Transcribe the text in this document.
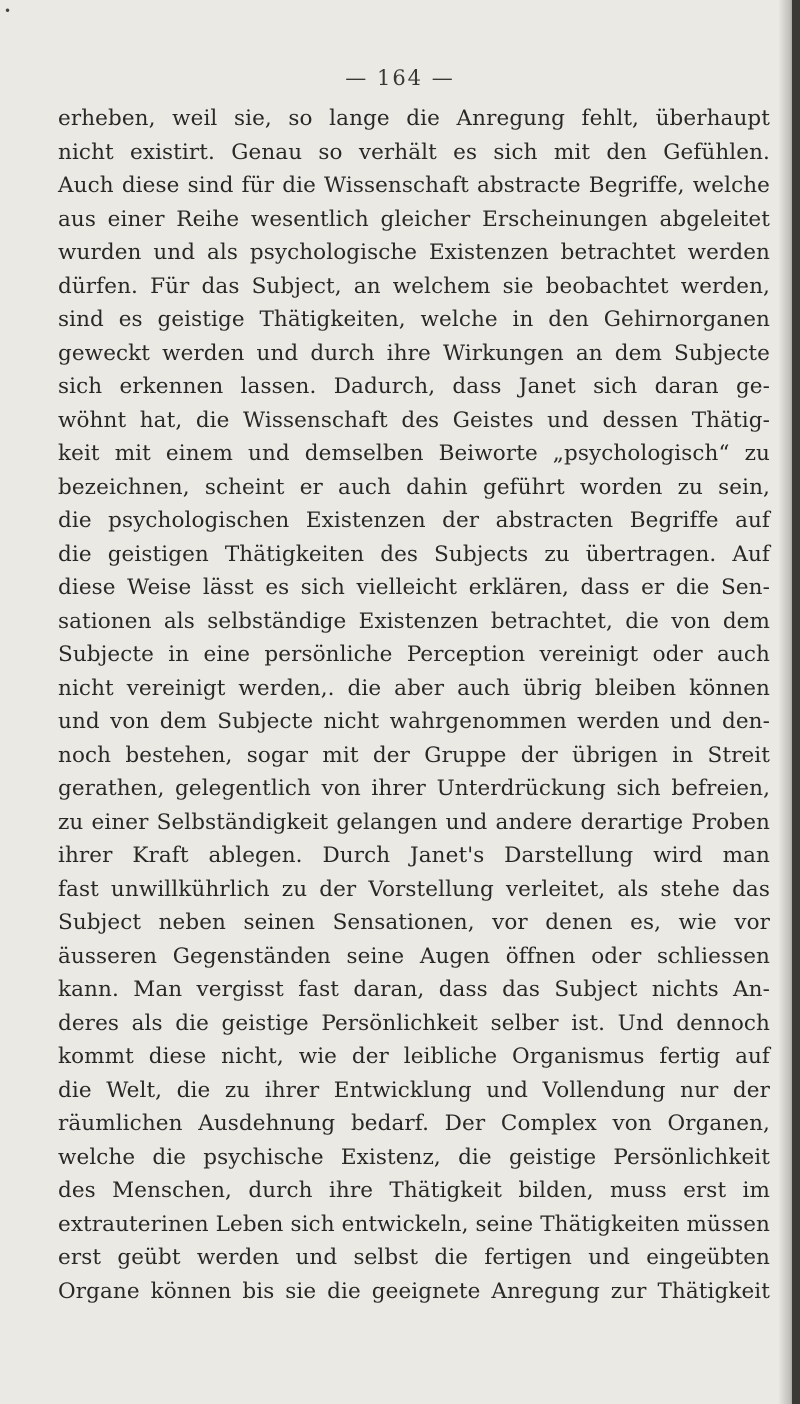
•
— 164 —
erheben, weil sie, so lange die Anregung fehlt, überhaupt
nicht existirt. Genau so verhält es sich mit den Gefühlen.
Auch diese sind für die Wissenschaft abstracte Begriffe, welche
aus einer Reihe wesentlich gleicher Erscheinungen abgeleitet
wurden und als psychologische Existenzen betrachtet werden
dürfen. Für das Subject, an welchem sie beobachtet werden,
sind es geistige Thätigkeiten, welche in den Gehirnorganen
geweckt werden und durch ihre Wirkungen an dem Subjecte
sich erkennen lassen. Dadurch, dass Janet sich daran ge-
wöhnt hat, die Wissenschaft des Geistes und dessen Thätig-
keit mit einem und demselben Beiworte „psychologisch“ zu
bezeichnen, scheint er auch dahin geführt worden zu sein,
die psychologischen Existenzen der abstracten Begriffe auf
die geistigen Thätigkeiten des Subjects zu übertragen. Auf
diese Weise lässt es sich vielleicht erklären, dass er die Sen-
sationen als selbständige Existenzen betrachtet, die von dem
Subjecte in eine persönliche Perception vereinigt oder auch
nicht vereinigt werden,. die aber auch übrig bleiben können
und von dem Subjecte nicht wahrgenommen werden und den-
noch bestehen, sogar mit der Gruppe der übrigen in Streit
gerathen, gelegentlich von ihrer Unterdrückung sich befreien,
zu einer Selbständigkeit gelangen und andere derartige Proben
ihrer Kraft ablegen. Durch Janet's Darstellung wird man
fast unwillkührlich zu der Vorstellung verleitet, als stehe das
Subject neben seinen Sensationen, vor denen es, wie vor
äusseren Gegenständen seine Augen öffnen oder schliessen
kann. Man vergisst fast daran, dass das Subject nichts An-
deres als die geistige Persönlichkeit selber ist. Und dennoch
kommt diese nicht, wie der leibliche Organismus fertig auf
die Welt, die zu ihrer Entwicklung und Vollendung nur der
räumlichen Ausdehnung bedarf. Der Complex von Organen,
welche die psychische Existenz, die geistige Persönlichkeit
des Menschen, durch ihre Thätigkeit bilden, muss erst im
extrauterinen Leben sich entwickeln, seine Thätigkeiten müssen
erst geübt werden und selbst die fertigen und eingeübten
Organe können bis sie die geeignete Anregung zur Thätigkeit
